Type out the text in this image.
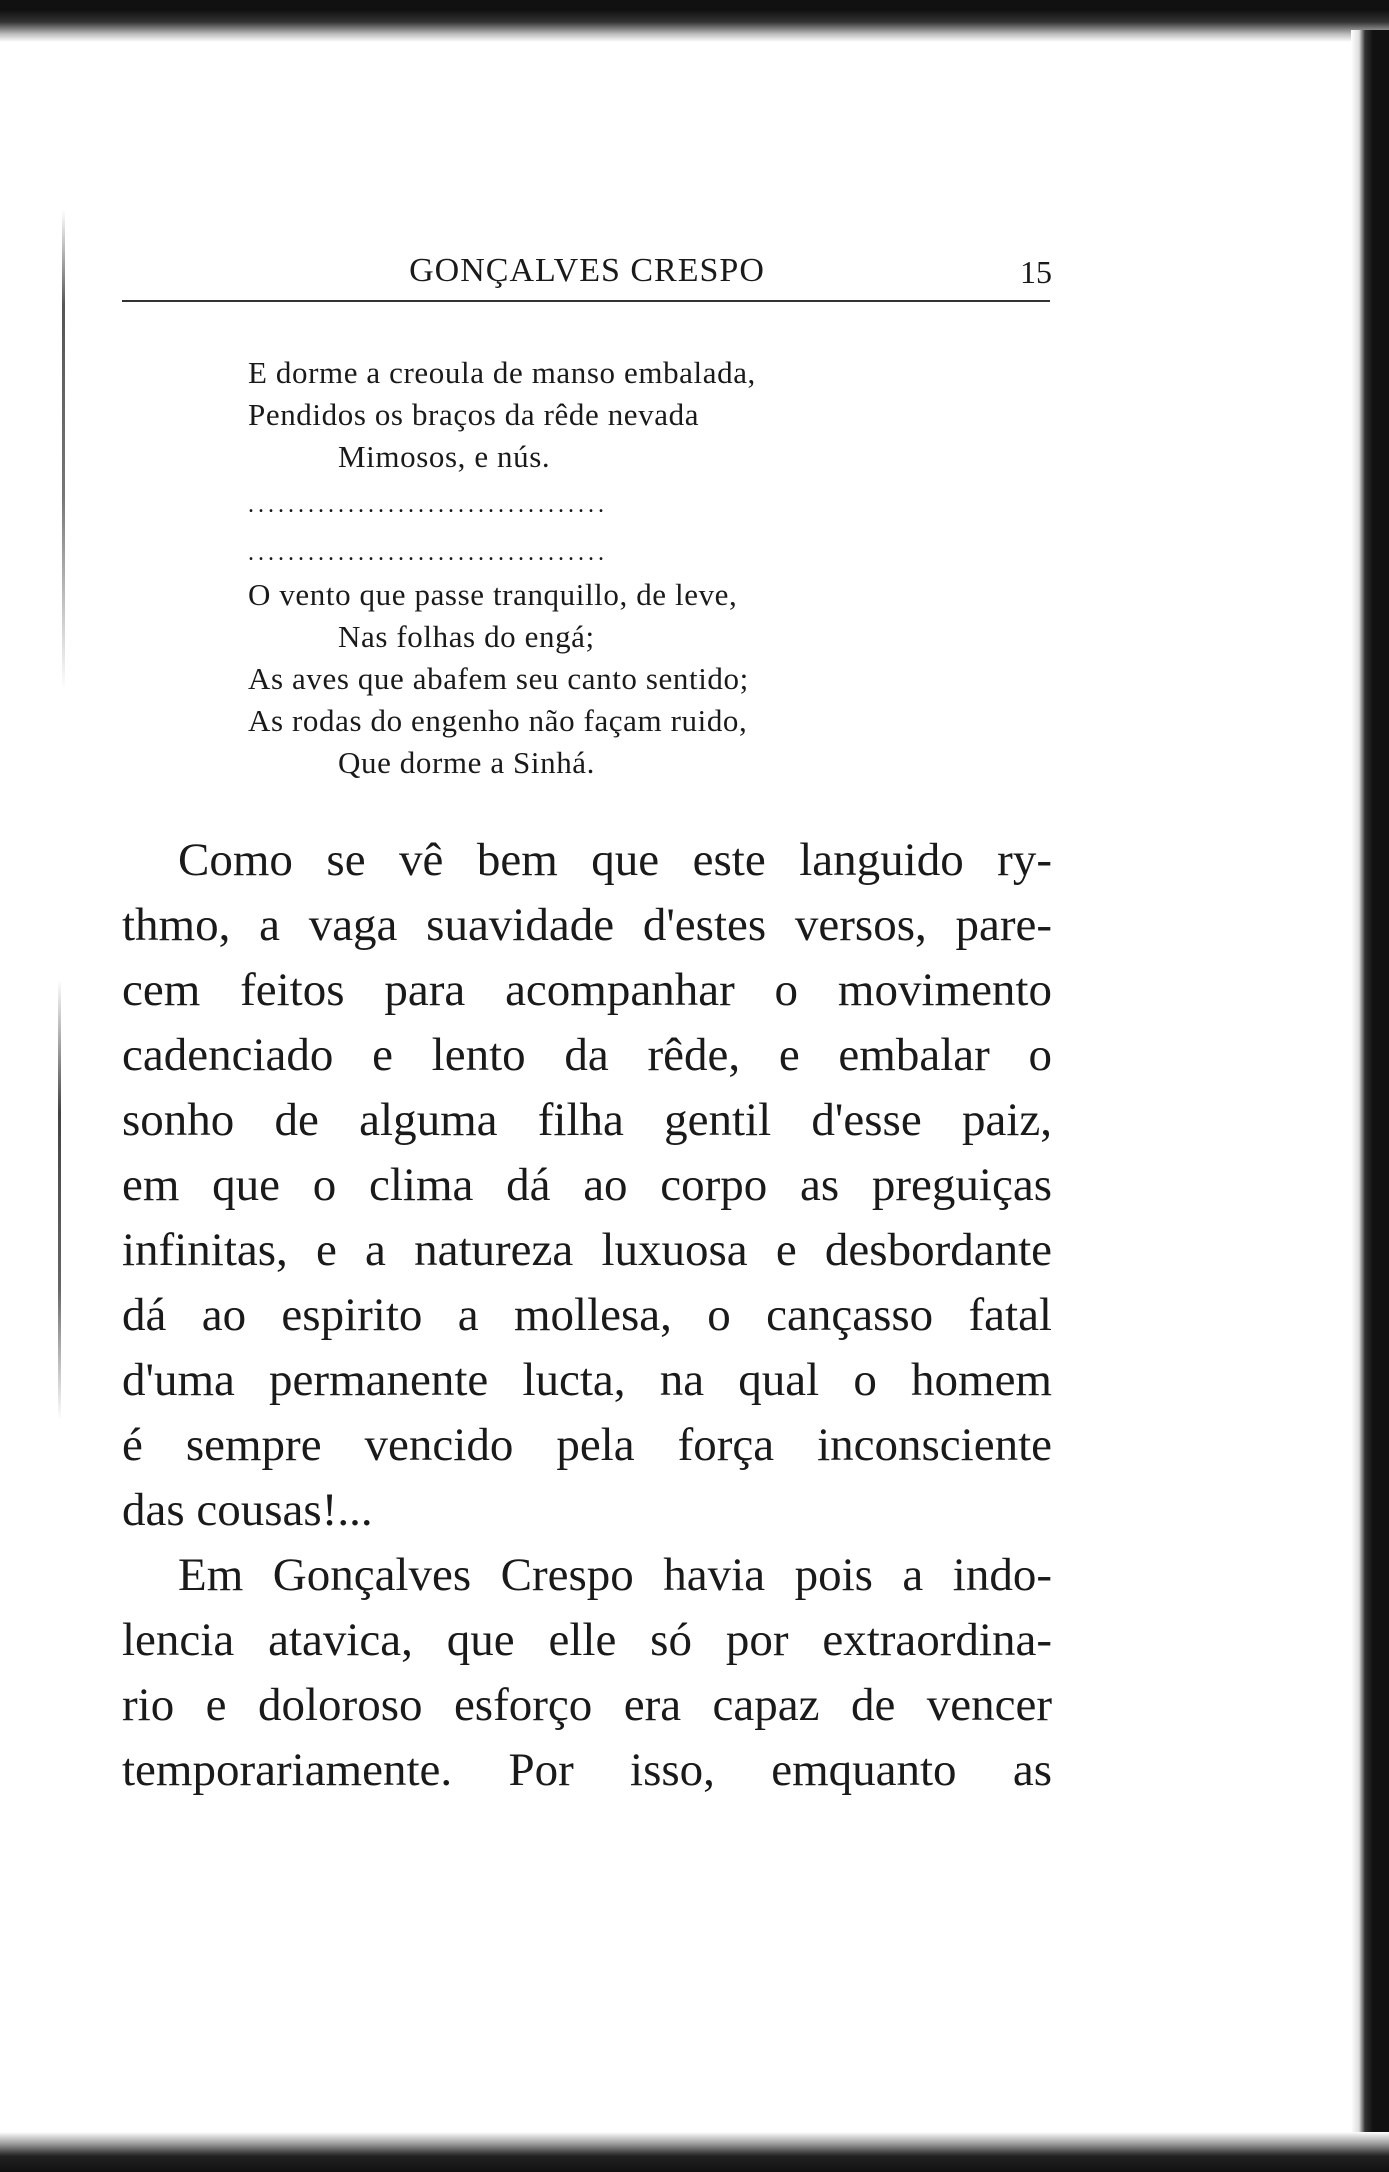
GONÇALVES CRESPO	15
E dorme a creoula de manso embalada,
Pendidos os braços da rêde nevada
Mimosos, e nús.
....................................
....................................
O vento que passe tranquillo, de leve,
Nas folhas do engá;
As aves que abafem seu canto sentido;
As rodas do engenho não façam ruido,
Que dorme a Sinhá.
Como se vê bem que este languido ry-
thmo, a vaga suavidade d'estes versos, pare-
cem feitos para acompanhar o movimento
cadenciado e lento da rêde, e embalar o
sonho de alguma filha gentil d'esse paiz,
em que o clima dá ao corpo as preguiças
infinitas, e a natureza luxuosa e desbordante
dá ao espirito a mollesa, o cançasso fatal
d'uma permanente lucta, na qual o homem
é sempre vencido pela força inconsciente
das cousas!...
Em Gonçalves Crespo havia pois a indo-
lencia atavica, que elle só por extraordina-
rio e doloroso esforço era capaz de vencer
temporariamente. Por isso, emquanto as
